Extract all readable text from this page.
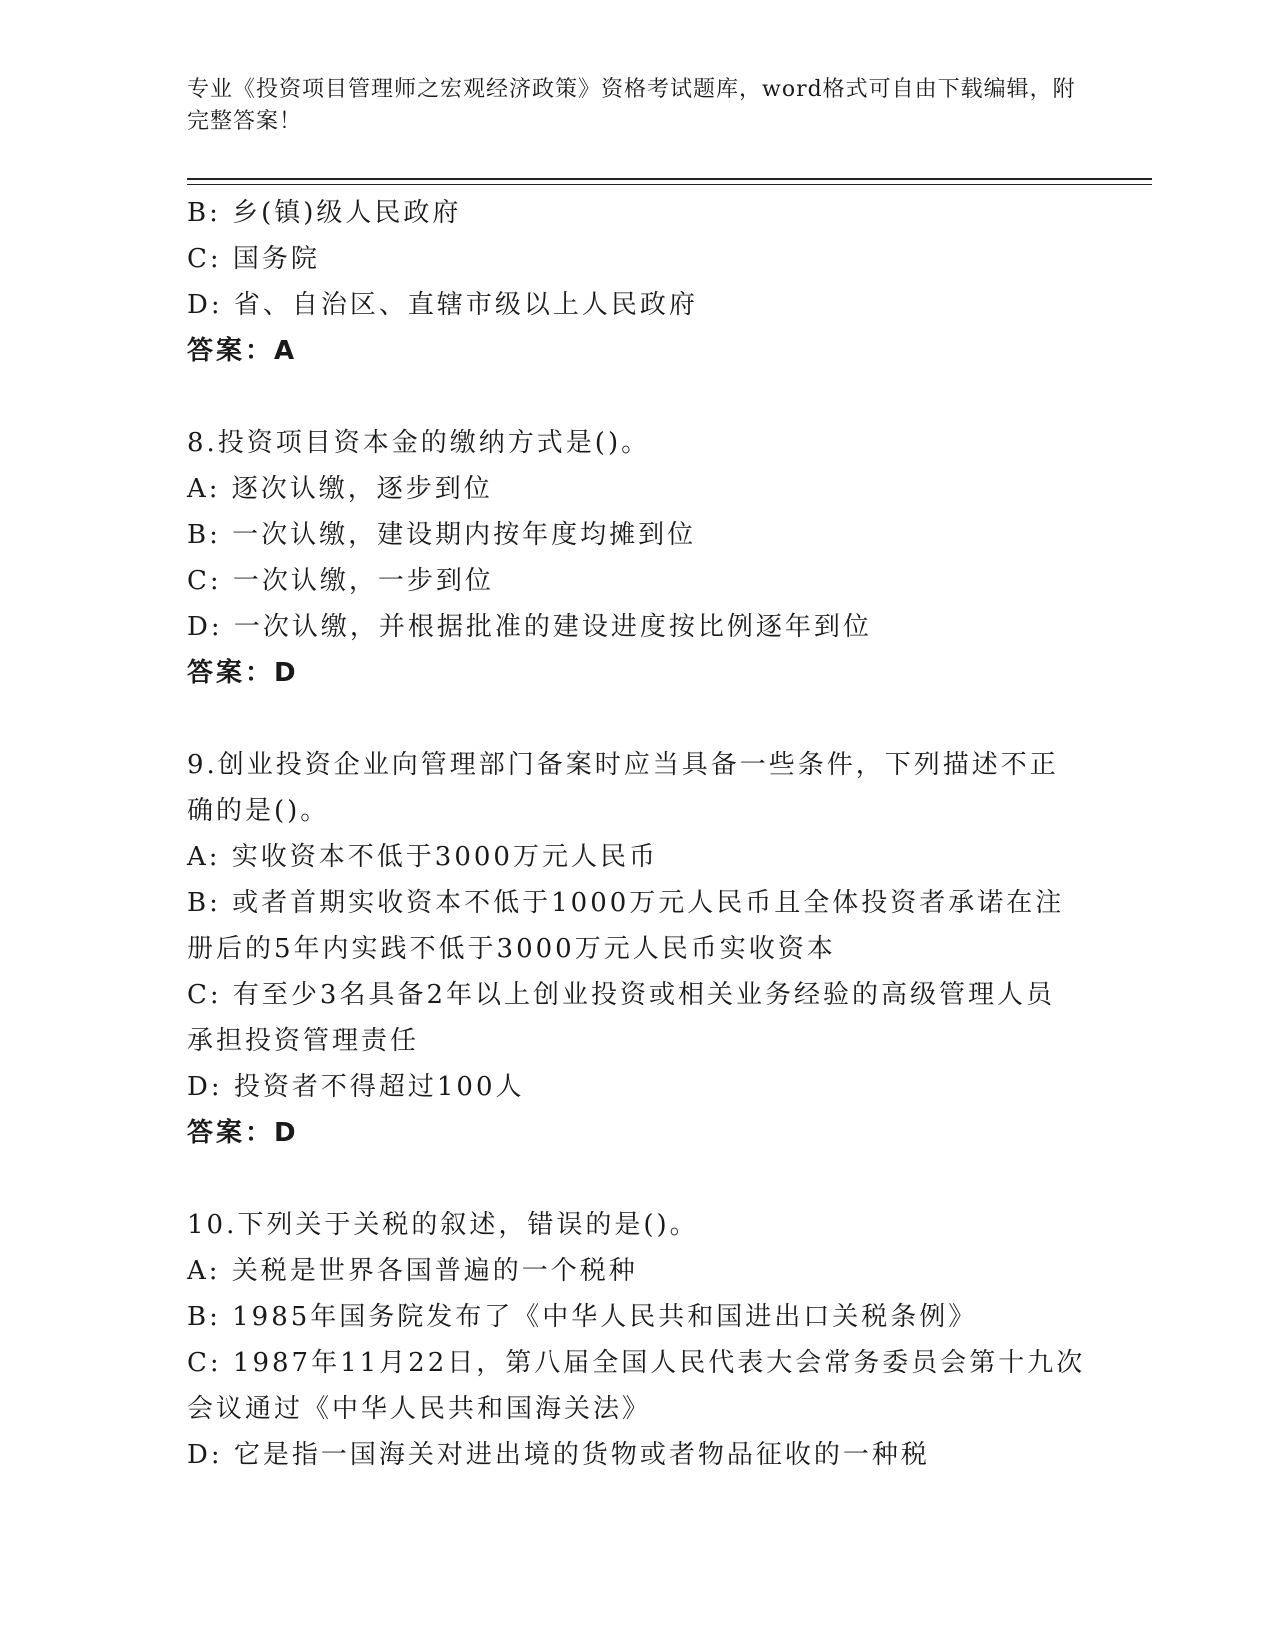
专业《投资项目管理师之宏观经济政策》资格考试题库，word格式可自由下载编辑，附完整答案！
B: 乡(镇)级人民政府
C: 国务院
D: 省、自治区、直辖市级以上人民政府
答案：A
8.投资项目资本金的缴纳方式是()。
A: 逐次认缴，逐步到位
B: 一次认缴，建设期内按年度均摊到位
C: 一次认缴，一步到位
D: 一次认缴，并根据批准的建设进度按比例逐年到位
答案：D
9.创业投资企业向管理部门备案时应当具备一些条件，下列描述不正
确的是()。
A: 实收资本不低于3000万元人民币
B: 或者首期实收资本不低于1000万元人民币且全体投资者承诺在注
册后的5年内实践不低于3000万元人民币实收资本
C: 有至少3名具备2年以上创业投资或相关业务经验的高级管理人员
承担投资管理责任
D: 投资者不得超过100人
答案：D
10.下列关于关税的叙述，错误的是()。
A: 关税是世界各国普遍的一个税种
B: 1985年国务院发布了《中华人民共和国进出口关税条例》
C: 1987年11月22日，第八届全国人民代表大会常务委员会第十九次
会议通过《中华人民共和国海关法》
D: 它是指一国海关对进出境的货物或者物品征收的一种税
